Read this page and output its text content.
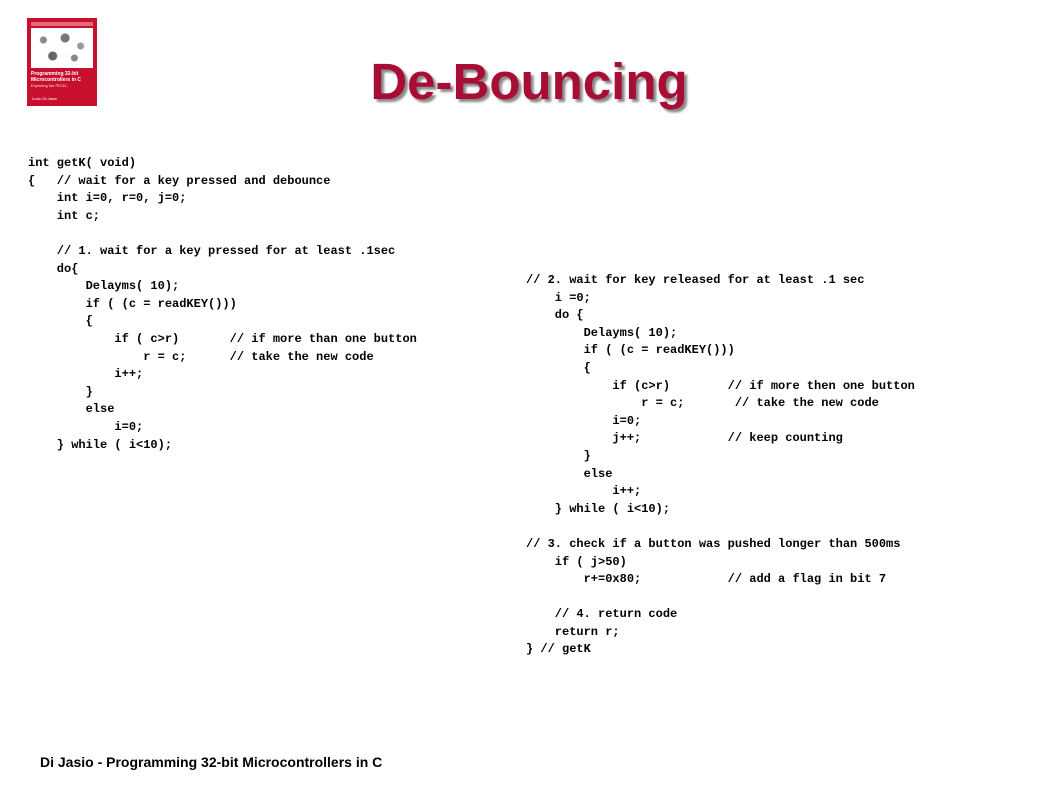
Programming 32-bit Microcontrollers in C
Exploring the PIC32
Lucio Di Jasio	De-Bouncing
int getK( void)
{   // wait for a key pressed and debounce
int i=0, r=0, j=0;
int c;

// 1. wait for a key pressed for at least .1sec
do{
Delayms( 10);
if ( (c = readKEY()))
{
if ( c>r)       // if more than one button
r = c;      // take the new code
i++;
}
else
i=0;
} while ( i<10);
// 2. wait for key released for at least .1 sec
i =0;
do {
Delayms( 10);
if ( (c = readKEY()))
{
if (c>r)        // if more then one button
r = c;       // take the new code
i=0;
j++;            // keep counting
}
else
i++;
} while ( i<10);

// 3. check if a button was pushed longer than 500ms
if ( j>50)
r+=0x80;            // add a flag in bit 7

// 4. return code
return r;
} // getK
Di Jasio - Programming 32-bit Microcontrollers in C
